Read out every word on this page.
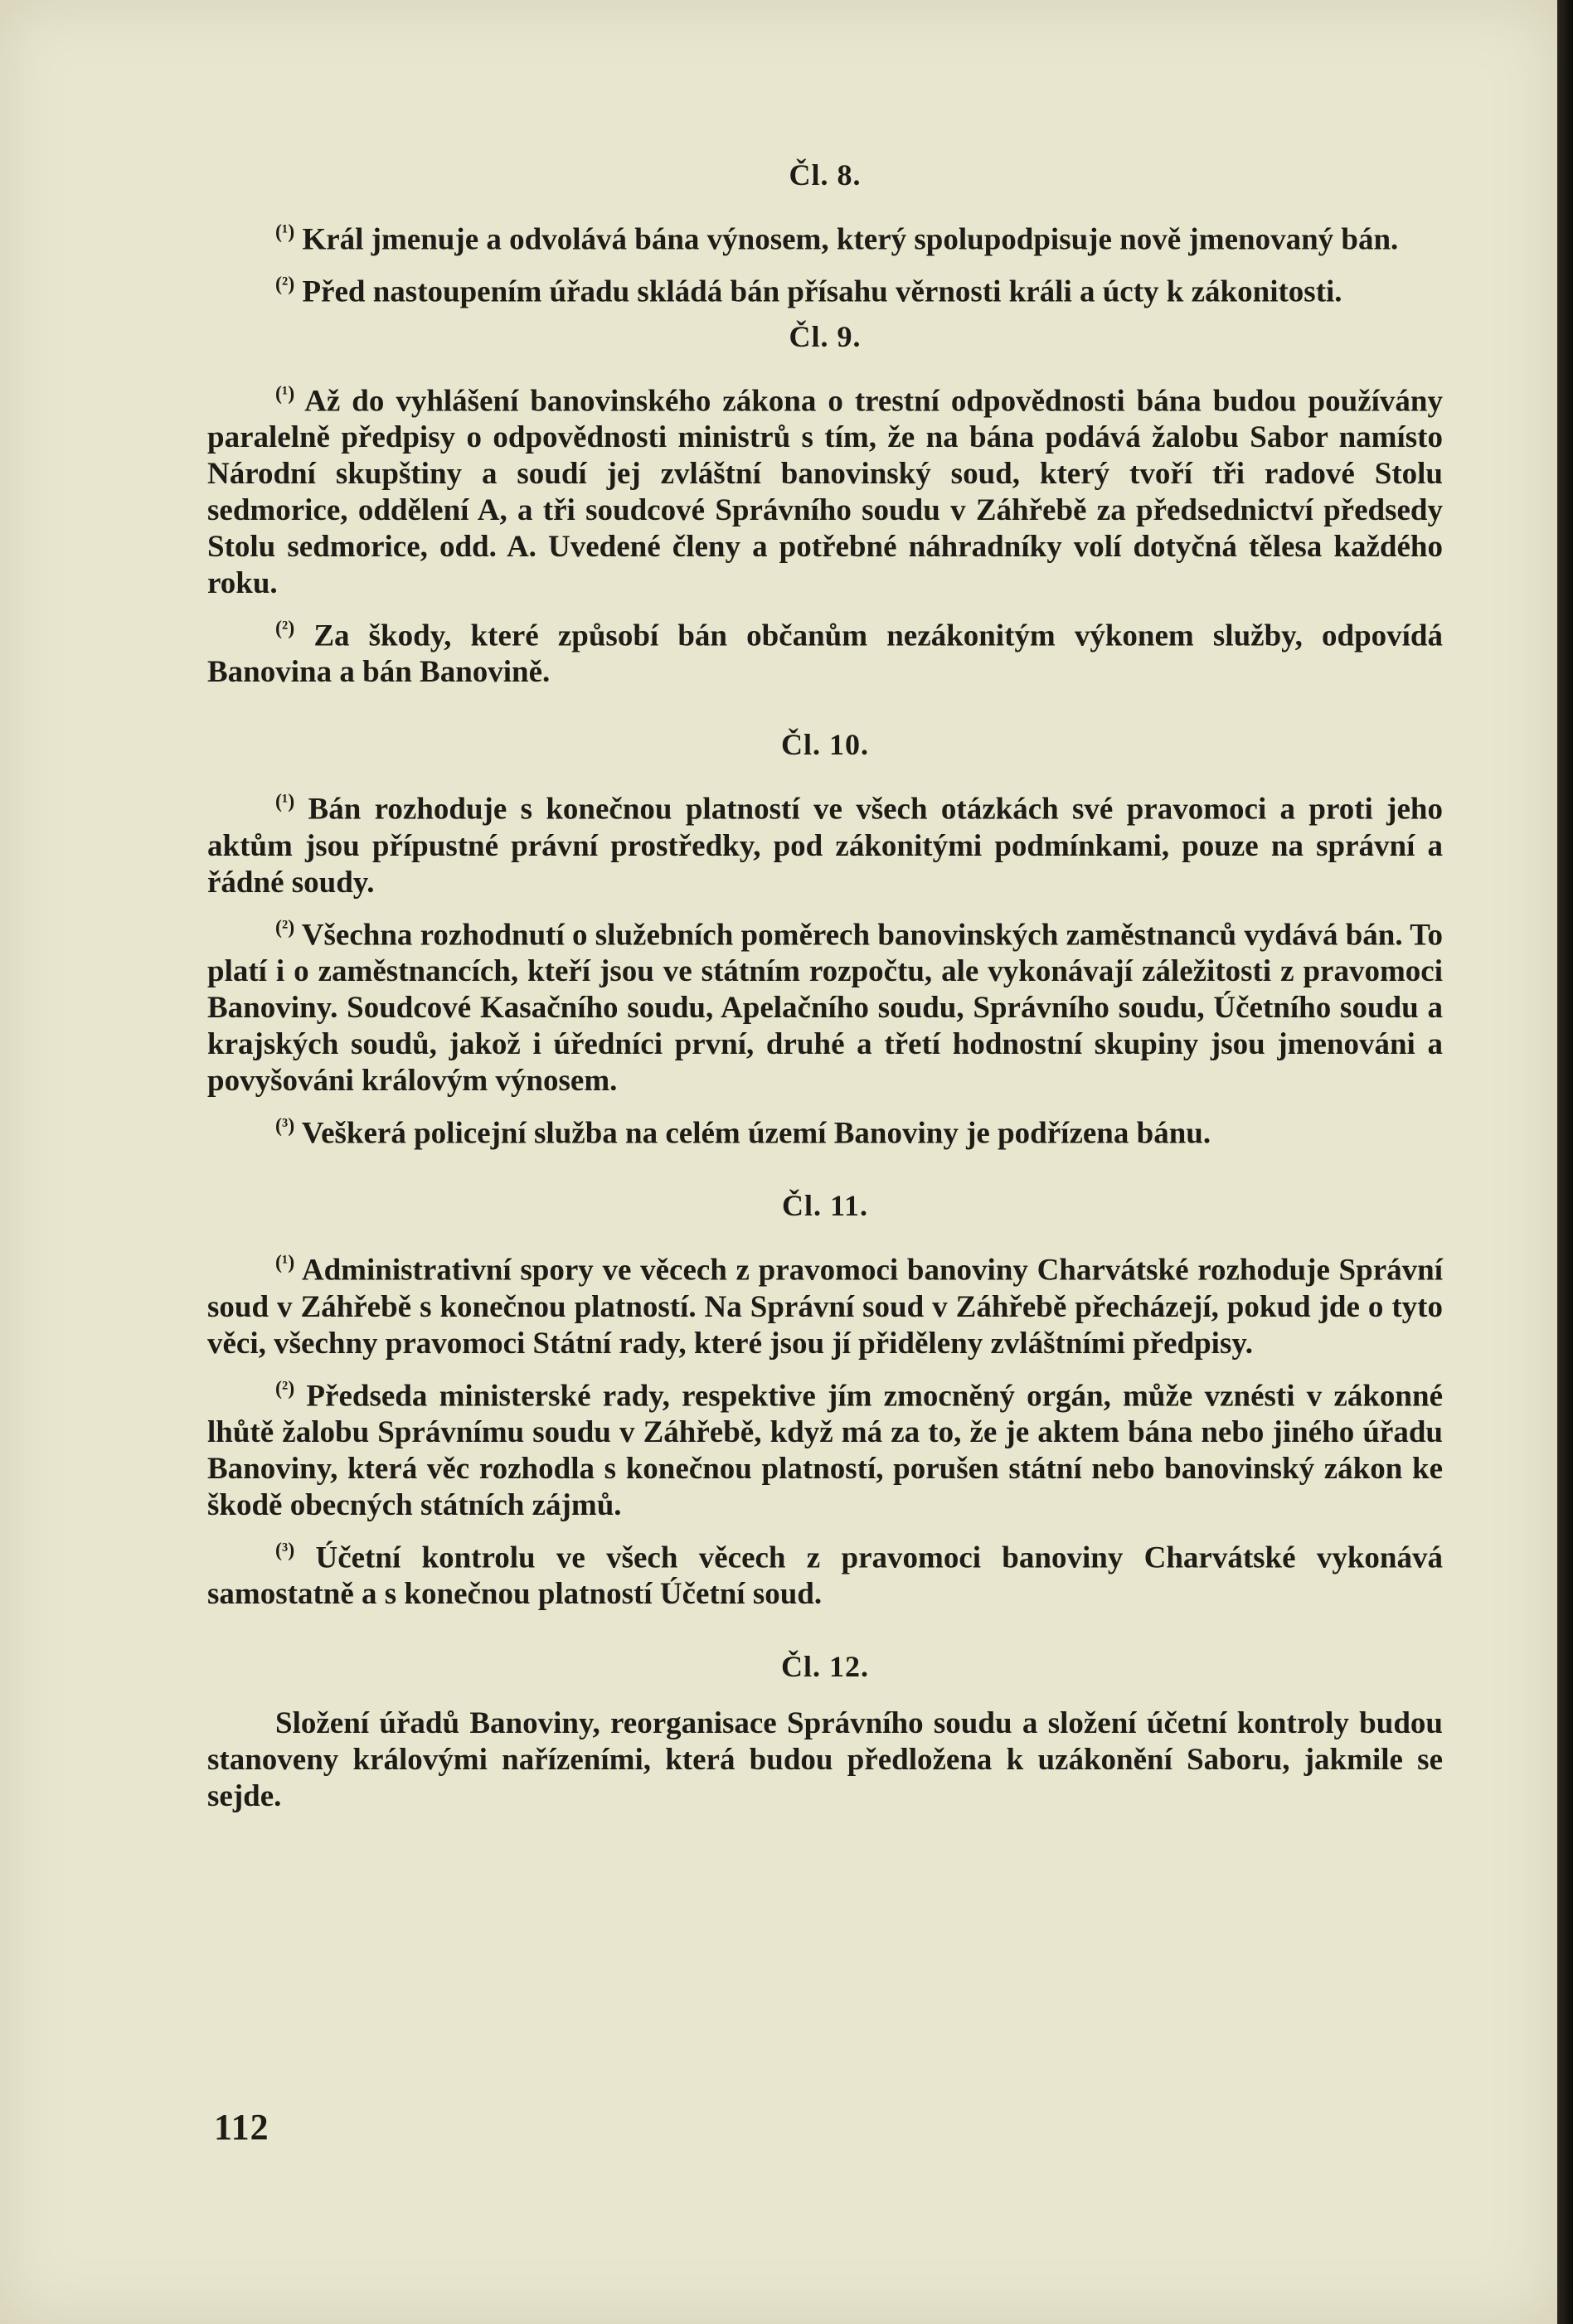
Čl. 8.

$^{(^1)}$ Král jmenuje a odvolává bána výnosem, který spolupodpisuje nově jmenovaný bán.

$^{(^2)}$ Před nastoupením úřadu skládá bán přísahu věrnosti králi a úcty k zákonitosti.

Čl. 9.

$^{(^1)}$ Až do vyhlášení banovinského zákona o trestní odpovědnosti bána budou používány paralelně předpisy o odpovědnosti ministrů s tím, že na bána podává žalobu Sabor namísto Národní skupštiny a soudí jej zvláštní banovinský soud, který tvoří tři radové Stolu sedmorice, oddělení A, a tři soudcové Správního soudu v Záhřebě za předsednictví předsedy Stolu sedmorice, odd. A. Uvedené členy a potřebné náhradníky volí dotyčná tělesa každého roku.

$^{(^2)}$ Za škody, které způsobí bán občanům nezákonitým výkonem služby, odpovídá Banovina a bán Banovině.

Čl. 10.

$^{(^1)}$ Bán rozhoduje s konečnou platností ve všech otázkách své pravomoci a proti jeho aktům jsou přípustné právní prostředky, pod zákonitými podmínkami, pouze na správní a řádné soudy.

$^{(^2)}$ Všechna rozhodnutí o služebních poměrech banovinských zaměstnanců vydává bán. To platí i o zaměstnancích, kteří jsou ve státním rozpočtu, ale vykonávají záležitosti z pravomoci Banoviny. Soudcové Kasačního soudu, Apelačního soudu, Správního soudu, Účetního soudu a krajských soudů, jakož i úředníci první, druhé a třetí hodnostní skupiny jsou jmenováni a povyšováni královým výnosem.

$^{(^3)}$ Veškerá policejní služba na celém území Banoviny je podřízena bánu.

Čl. 11.

$^{(^1)}$ Administrativní spory ve věcech z pravomoci banoviny Charvátské rozhoduje Správní soud v Záhřebě s konečnou platností. Na Správní soud v Záhřebě přecházejí, pokud jde o tyto věci, všechny pravomoci Státní rady, které jsou jí přiděleny zvláštními předpisy.

$^{(^2)}$ Předseda ministerské rady, respektive jím zmocněný orgán, může vznésti v zákonné lhůtě žalobu Správnímu soudu v Záhřebě, když má za to, že je aktem bána nebo jiného úřadu Banoviny, která věc rozhodla s konečnou platností, porušen státní nebo banovinský zákon ke škodě obecných státních zájmů.

$^{(^3)}$ Účetní kontrolu ve všech věcech z pravomoci banoviny Charvátské vykonává samostatně a s konečnou platností Účetní soud.

Čl. 12.

Složení úřadů Banoviny, reorganisace Správního soudu a složení účetní kontroly budou stanoveny královými nařízeními, která budou předložena k uzákonění Saboru, jakmile se sejde.

112
